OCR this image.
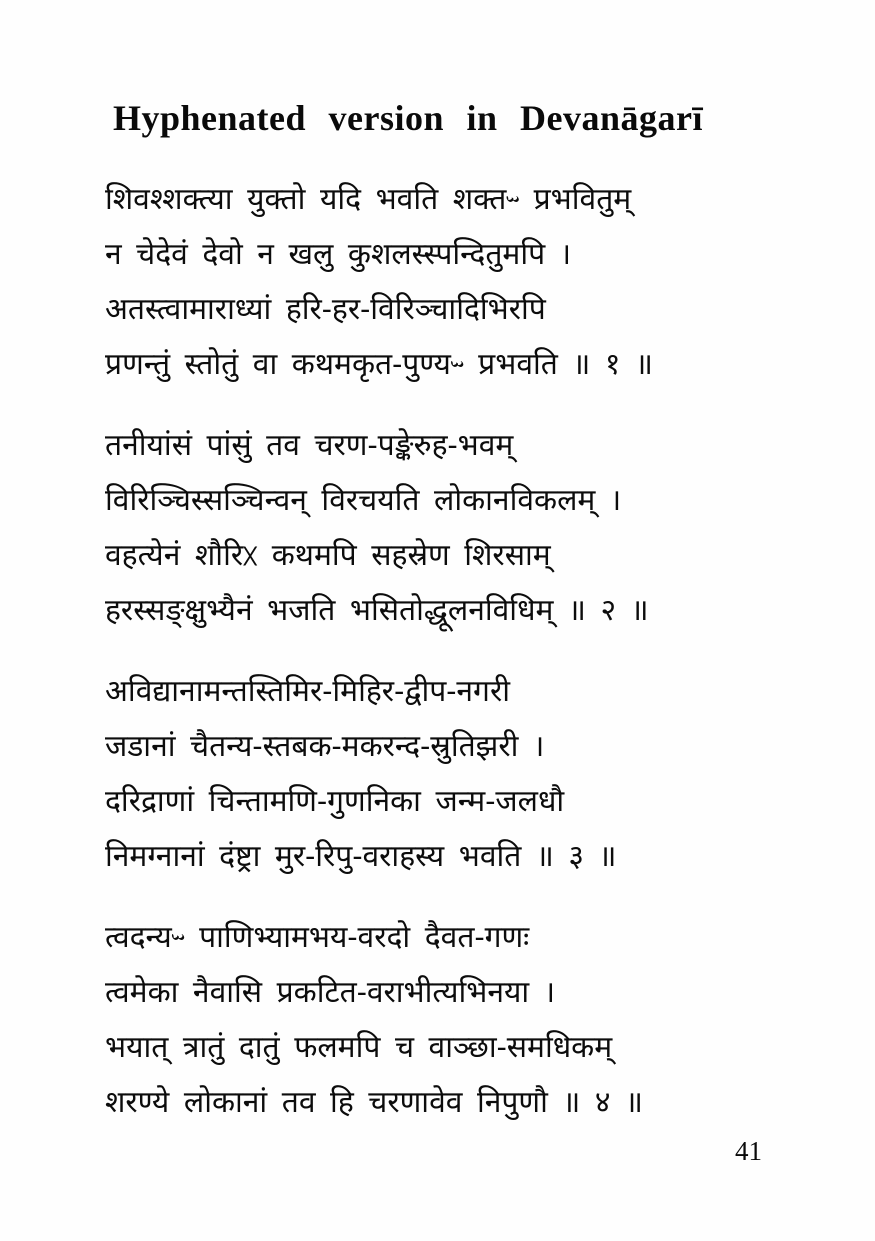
Hyphenated version in Devanāgarī

शिवश्शक्त्या युक्तो यदि भवति शक्तᳶ प्रभवितुम्

न चेदेवं देवो न खलु कुशलस्स्पन्दितुमपि ।

अतस्त्वामाराध्यां हरि-हर-विरिञ्चादिभिरपि

प्रणन्तुं स्तोतुं वा कथमकृत-पुण्यᳶ प्रभवति ॥ १ ॥

तनीयांसं पांसुं तव चरण-पङ्केरुह-भवम्

विरिञ्चिस्सञ्चिन्वन् विरचयति लोकानविकलम् ।

वहत्येनं शौरिᳵ कथमपि सहस्रेण शिरसाम्

हरस्सङ्क्षुभ्यैनं भजति भसितोद्धूलनविधिम् ॥ २ ॥

अविद्यानामन्तस्तिमिर-मिहिर-द्वीप-नगरी

जडानां चैतन्य-स्तबक-मकरन्द-स्रुतिझरी ।

दरिद्राणां चिन्तामणि-गुणनिका जन्म-जलधौ

निमग्नानां दंष्ट्रा मुर-रिपु-वराहस्य भवति ॥ ३ ॥

त्वदन्यᳶ पाणिभ्यामभय-वरदो दैवत-गणः

त्वमेका नैवासि प्रकटित-वराभीत्यभिनया ।

भयात् त्रातुं दातुं फलमपि च वाञ्छा-समधिकम्

शरण्ये लोकानां तव हि चरणावेव निपुणौ ॥ ४ ॥

41
